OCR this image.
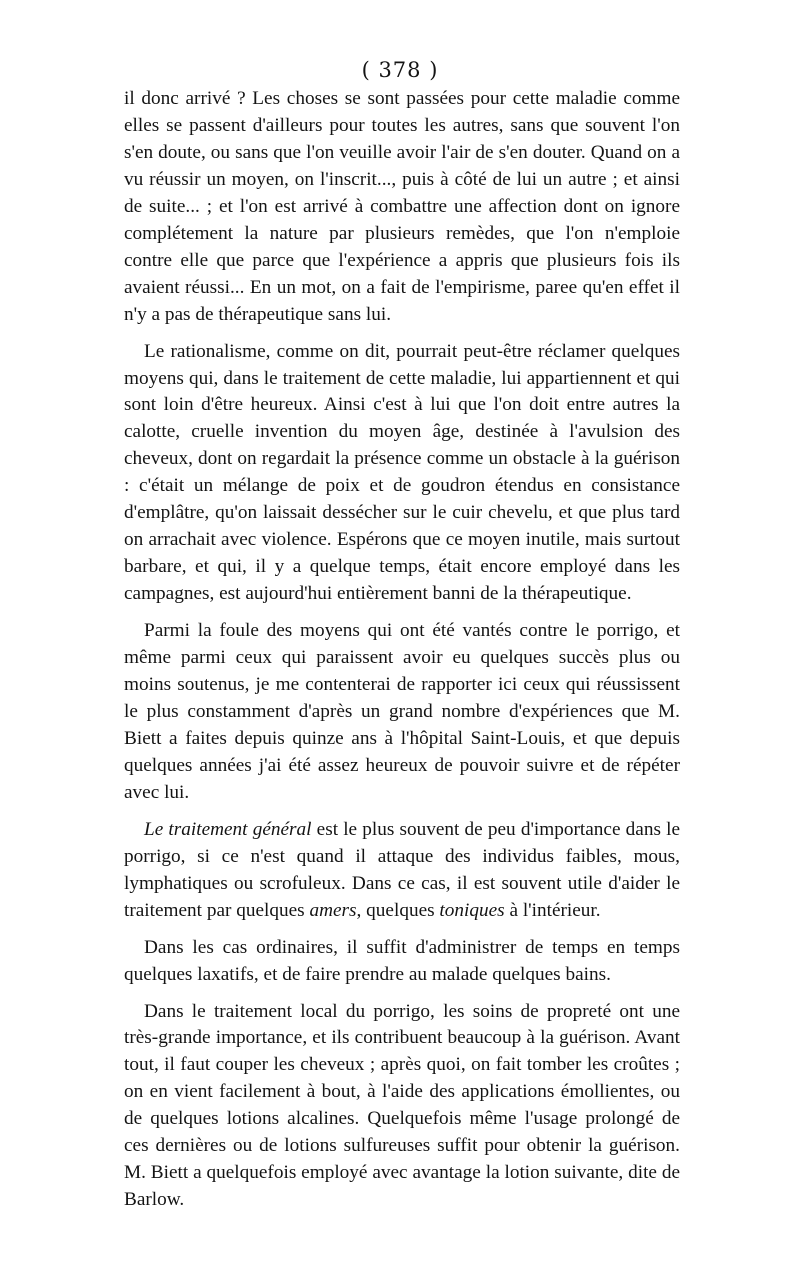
( 378 )

il donc arrivé ? Les choses se sont passées pour cette maladie comme elles se passent d'ailleurs pour toutes les autres, sans que souvent l'on s'en doute, ou sans que l'on veuille avoir l'air de s'en douter. Quand on a vu réussir un moyen, on l'inscrit..., puis à côté de lui un autre ; et ainsi de suite... ; et l'on est arrivé à combattre une affection dont on ignore complétement la nature par plusieurs remèdes, que l'on n'emploie contre elle que parce que l'expérience a appris que plusieurs fois ils avaient réussi... En un mot, on a fait de l'empirisme, paree qu'en effet il n'y a pas de thérapeutique sans lui.

Le rationalisme, comme on dit, pourrait peut-être réclamer quelques moyens qui, dans le traitement de cette maladie, lui appartiennent et qui sont loin d'être heureux. Ainsi c'est à lui que l'on doit entre autres la calotte, cruelle invention du moyen âge, destinée à l'avulsion des cheveux, dont on regardait la présence comme un obstacle à la guérison : c'était un mélange de poix et de goudron étendus en consistance d'emplâtre, qu'on laissait dessécher sur le cuir chevelu, et que plus tard on arrachait avec violence. Espérons que ce moyen inutile, mais surtout barbare, et qui, il y a quelque temps, était encore employé dans les campagnes, est aujourd'hui entièrement banni de la thérapeutique.

Parmi la foule des moyens qui ont été vantés contre le porrigo, et même parmi ceux qui paraissent avoir eu quelques succès plus ou moins soutenus, je me contenterai de rapporter ici ceux qui réussissent le plus constamment d'après un grand nombre d'expériences que M. Biett a faites depuis quinze ans à l'hôpital Saint-Louis, et que depuis quelques années j'ai été assez heureux de pouvoir suivre et de répéter avec lui.

Le traitement général est le plus souvent de peu d'importance dans le porrigo, si ce n'est quand il attaque des individus faibles, mous, lymphatiques ou scrofuleux. Dans ce cas, il est souvent utile d'aider le traitement par quelques amers, quelques toniques à l'intérieur.

Dans les cas ordinaires, il suffit d'administrer de temps en temps quelques laxatifs, et de faire prendre au malade quelques bains.

Dans le traitement local du porrigo, les soins de propreté ont une très-grande importance, et ils contribuent beaucoup à la guérison. Avant tout, il faut couper les cheveux ; après quoi, on fait tomber les croûtes ; on en vient facilement à bout, à l'aide des applications émollientes, ou de quelques lotions alcalines. Quelquefois même l'usage prolongé de ces dernières ou de lotions sulfureuses suffit pour obtenir la guérison. M. Biett a quelquefois employé avec avantage la lotion suivante, dite de Barlow.
